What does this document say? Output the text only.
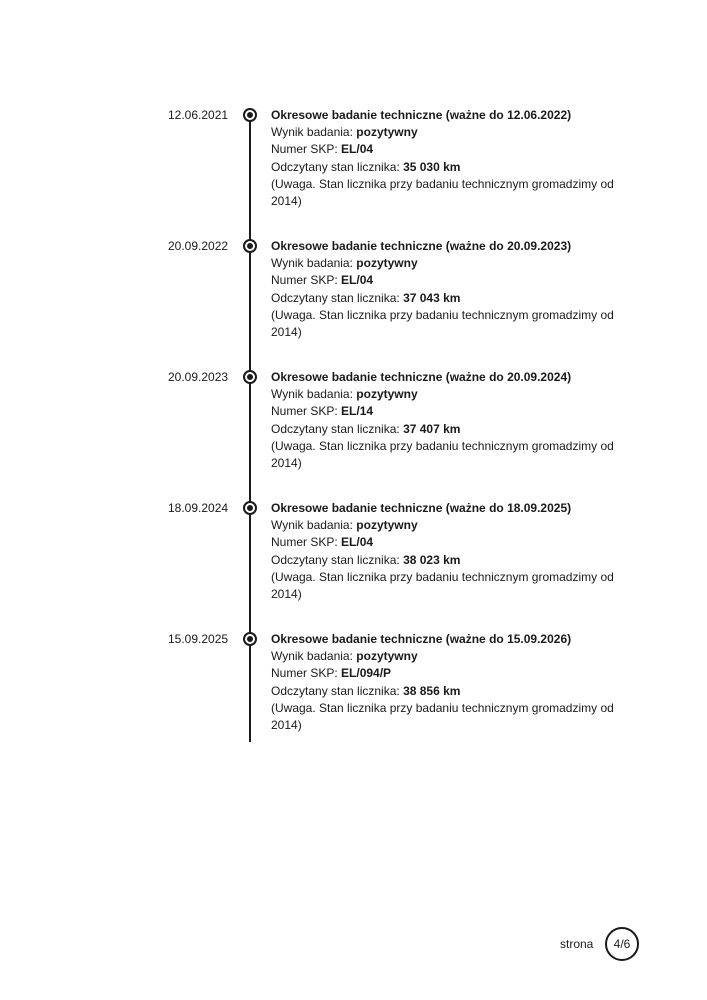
12.06.2021	Okresowe badanie techniczne (ważne do 12.06.2022)
Wynik badania: pozytywny
Numer SKP: EL/04
Odczytany stan licznika: 35 030 km
(Uwaga. Stan licznika przy badaniu technicznym gromadzimy od 2014)
20.09.2022	Okresowe badanie techniczne (ważne do 20.09.2023)
Wynik badania: pozytywny
Numer SKP: EL/04
Odczytany stan licznika: 37 043 km
(Uwaga. Stan licznika przy badaniu technicznym gromadzimy od 2014)
20.09.2023	Okresowe badanie techniczne (ważne do 20.09.2024)
Wynik badania: pozytywny
Numer SKP: EL/14
Odczytany stan licznika: 37 407 km
(Uwaga. Stan licznika przy badaniu technicznym gromadzimy od 2014)
18.09.2024	Okresowe badanie techniczne (ważne do 18.09.2025)
Wynik badania: pozytywny
Numer SKP: EL/04
Odczytany stan licznika: 38 023 km
(Uwaga. Stan licznika przy badaniu technicznym gromadzimy od 2014)
15.09.2025	Okresowe badanie techniczne (ważne do 15.09.2026)
Wynik badania: pozytywny
Numer SKP: EL/094/P
Odczytany stan licznika: 38 856 km
(Uwaga. Stan licznika przy badaniu technicznym gromadzimy od 2014)
strona	4/6
